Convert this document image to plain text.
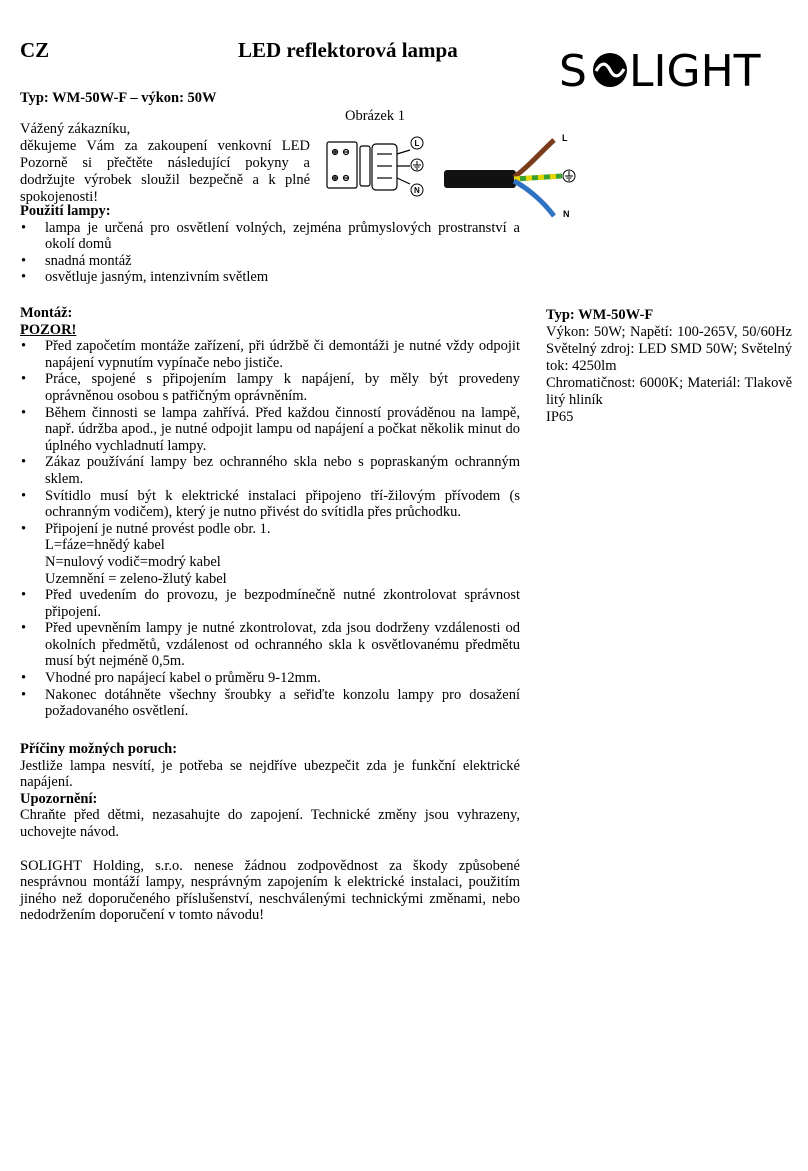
CZ	LED reflektorová lampa S LIGHT
Typ: WM-50W-F – výkon: 50W
Obrázek 1

Vážený zákazníku,

děkujeme Vám za zakoupení venkovní LED

Pozorně si přečtěte následující pokyny a dodržujte výrobek sloužil bezpečně a k plné spokojenosti!

L
N
L
N
Použití lampy:
• lampa je určená pro osvětlení volných, zejména průmyslových prostranství a okolí domů
• snadná montáž
• osvětluje jasným, intenzivním světlem
Montáž:
POZOR!
• Před započetím montáže zařízení, při údržbě či demontáži je nutné vždy odpojit napájení vypnutím vypínače nebo jističe.
• Práce, spojené s připojením lampy k napájení, by měly být provedeny oprávněnou osobou s patřičným oprávněním.
• Během činnosti se lampa zahřívá. Před každou činností prováděnou na lampě, např. údržba apod., je nutné odpojit lampu od napájení a počkat několik minut do úplného vychladnutí lampy.
• Zákaz používání lampy bez ochranného skla nebo s popraskaným ochranným sklem.
• Svítidlo musí být k elektrické instalaci připojeno tří-žilovým přívodem (s ochranným vodičem), který je nutno přivést do svítidla přes průchodku.
• Připojení je nutné provést podle obr. 1.
L=fáze=hnědý kabel
N=nulový vodič=modrý kabel
Uzemnění = zeleno-žlutý kabel
• Před uvedením do provozu, je bezpodmínečně nutné zkontrolovat správnost připojení.
• Před upevněním lampy je nutné zkontrolovat, zda jsou dodrženy vzdálenosti od okolních předmětů, vzdálenost od ochranného skla k osvětlovanému předmětu musí být nejméně 0,5m.
• Vhodné pro napájecí kabel o průměru 9-12mm.
• Nakonec dotáhněte všechny šroubky a seřiďte konzolu lampy pro dosažení požadovaného osvětlení.
Příčiny možných poruch:

Jestliže lampa nesvítí, je potřeba se nejdříve ubezpečit zda je funkční elektrické napájení.

Upozornění:

Chraňte před dětmi, nezasahujte do zapojení. Technické změny jsou vyhrazeny, uchovejte návod.

SOLIGHT Holding, s.r.o. nenese žádnou zodpovědnost za škody způsobené nesprávnou montáží lampy, nesprávným zapojením k elektrické instalaci, použitím jiného než doporučeného příslušenství, neschválenými technickými změnami, nebo nedodržením doporučení v tomto návodu!

Typ: WM-50W-F

Výkon: 50W; Napětí: 100-265V, 50/60Hz Světelný zdroj: LED SMD 50W; Světelný tok: 4250lm

Chromatičnost: 6000K; Materiál: Tlakově litý hliník

IP65
